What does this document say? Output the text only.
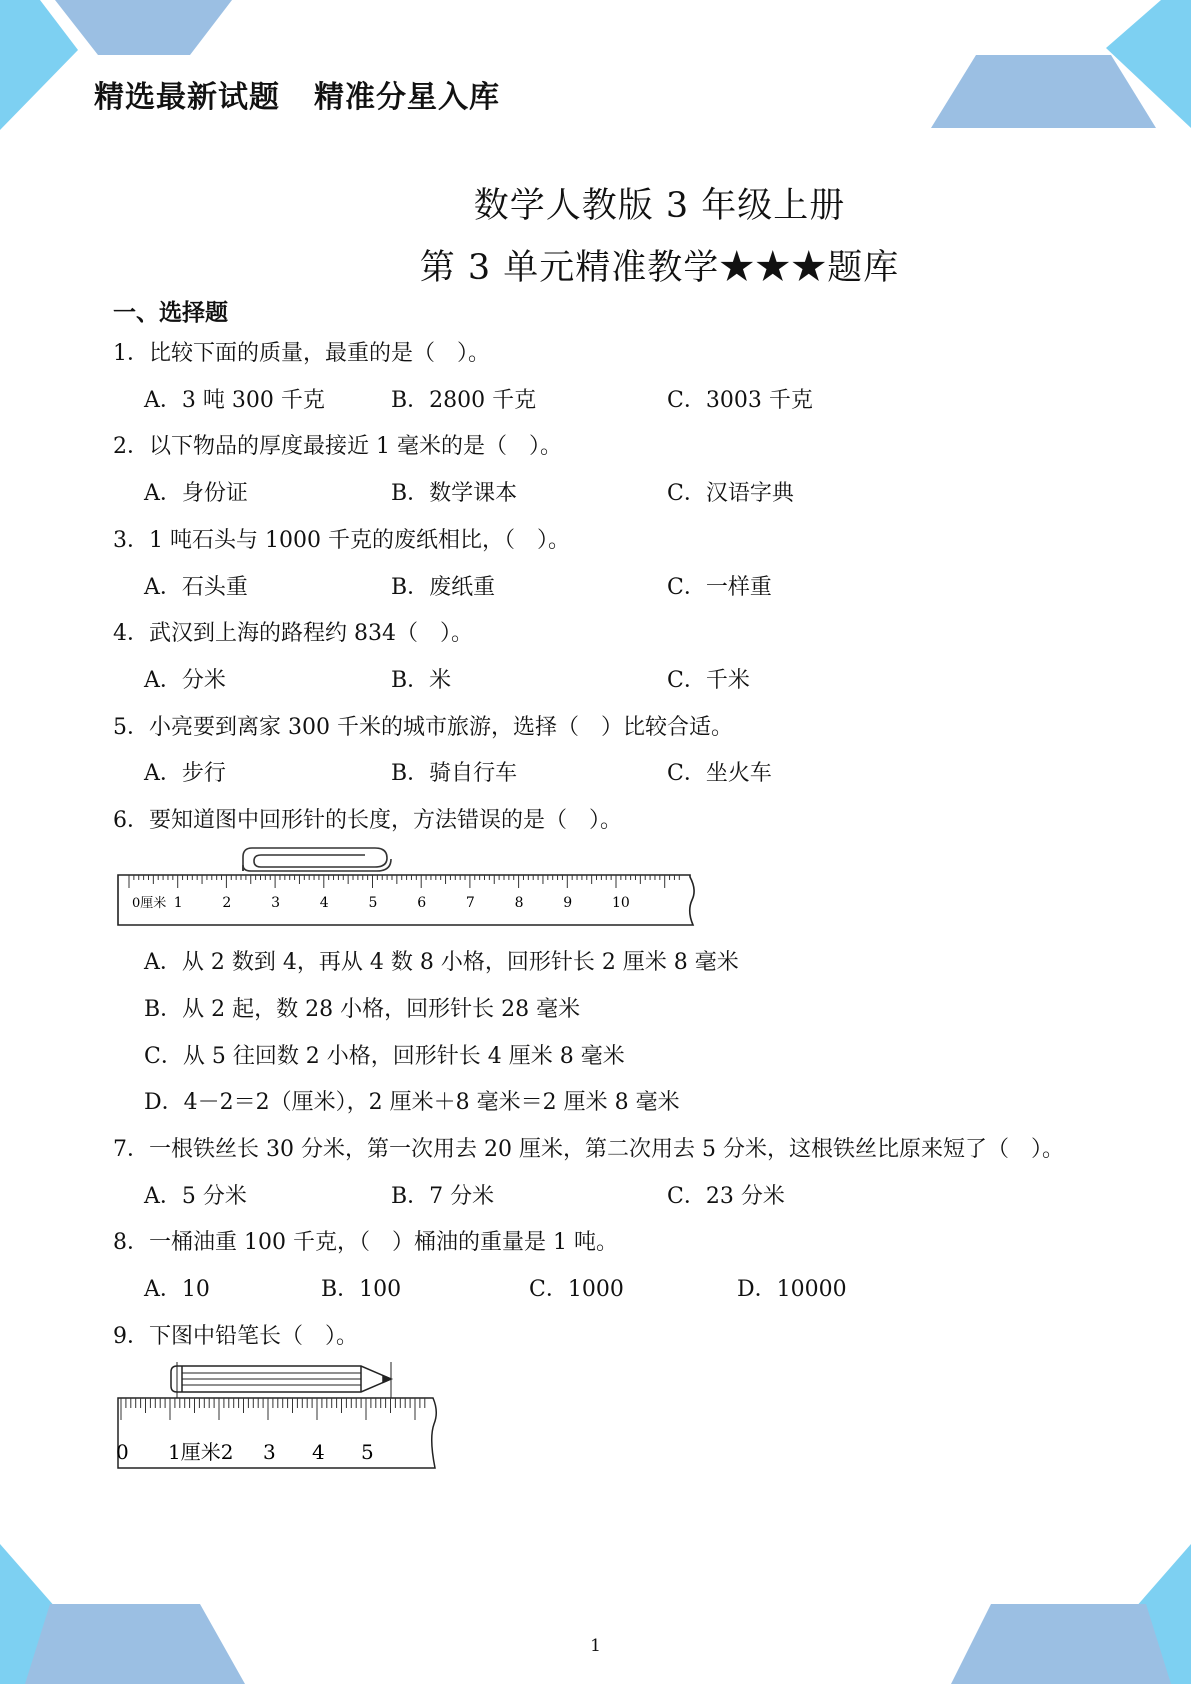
精选最新试题 精准分星入库
数学人教版 3 年级上册
第 3 单元精准教学★★★题库
一、选择题
1．比较下面的质量，最重的是（　）。
A．3 吨 300 千克	B．2800 千克	C．3003 千克
2．以下物品的厚度最接近 1 毫米的是（　）。
A．身份证	B．数学课本	C．汉语字典
3．1 吨石头与 1000 千克的废纸相比，（　）。
A．石头重	B．废纸重	C．一样重
4．武汉到上海的路程约 834（　）。
A．分米	B．米	C．千米
5．小亮要到离家 300 千米的城市旅游，选择（　）比较合适。
A．步行	B．骑自行车	C．坐火车
6．要知道图中回形针的长度，方法错误的是（　）。
0厘米 1	2	3	4	5	6	7	8	9	10
A．从 2 数到 4，再从 4 数 8 小格，回形针长 2 厘米 8 毫米
B．从 2 起，数 28 小格，回形针长 28 毫米
C．从 5 往回数 2 小格，回形针长 4 厘米 8 毫米
D．4－2＝2（厘米），2 厘米＋8 毫米＝2 厘米 8 毫米
7．一根铁丝长 30 分米，第一次用去 20 厘米，第二次用去 5 分米，这根铁丝比原来短了（　）。
A．5 分米	B．7 分米	C．23 分米
8．一桶油重 100 千克，（　）桶油的重量是 1 吨。
A．10	B．100	C．1000	D．10000
9．下图中铅笔长（　）。
0 1厘米2 3 4 5
1
